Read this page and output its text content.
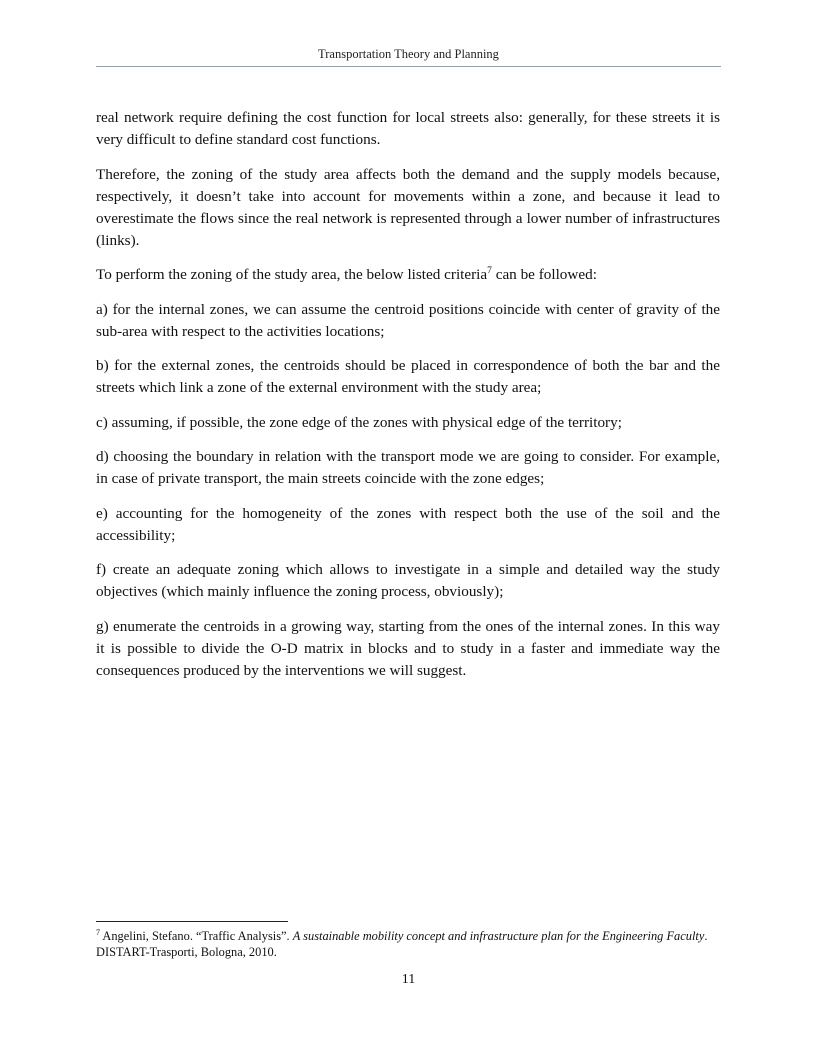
Transportation Theory and Planning

real network require defining the cost function for local streets also: generally, for these streets it is very difficult to define standard cost functions.

Therefore, the zoning of the study area affects both the demand and the supply models because, respectively, it doesn’t take into account for movements within a zone, and because it lead to overestimate the flows since the real network is represented through a lower number of infrastructures (links).

To perform the zoning of the study area, the below listed criteria$^7$ can be followed:

a) for the internal zones, we can assume the centroid positions coincide with center of gravity of the sub-area with respect to the activities locations;

b) for the external zones, the centroids should be placed in correspondence of both the bar and the streets which link a zone of the external environment with the study area;

c) assuming, if possible, the zone edge of the zones with physical edge of the territory;

d) choosing the boundary in relation with the transport mode we are going to consider. For example, in case of private transport, the main streets coincide with the zone edges;

e) accounting for the homogeneity of the zones with respect both the use of the soil and the accessibility;

f) create an adequate zoning which allows to investigate in a simple and detailed way the study objectives (which mainly influence the zoning process, obviously);

g) enumerate the centroids in a growing way, starting from the ones of the internal zones. In this way it is possible to divide the O-D matrix in blocks and to study in a faster and immediate way the consequences produced by the interventions we will suggest.

$^7$ Angelini, Stefano. “Traffic Analysis”. A sustainable mobility concept and infrastructure plan for the Engineering Faculty. DISTART-Trasporti, Bologna, 2010.
11
